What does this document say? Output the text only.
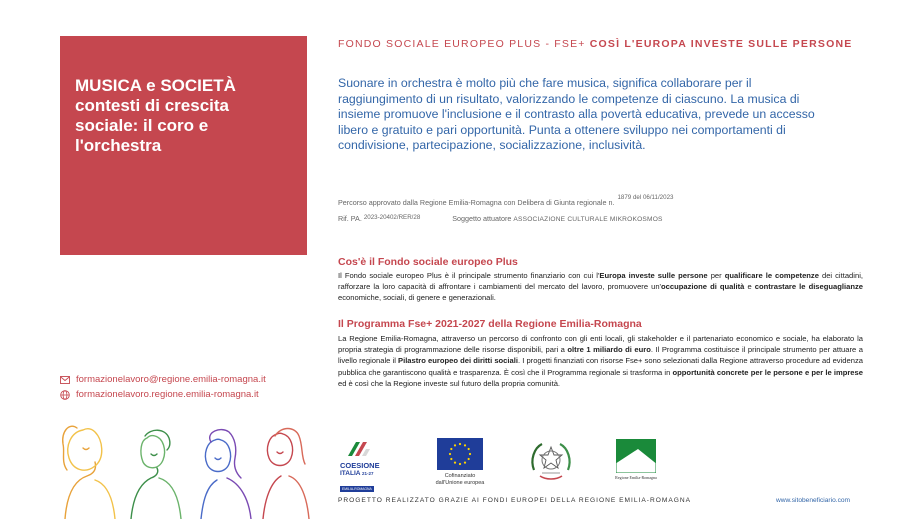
MUSICA e SOCIETÀ
contesti di crescita
sociale: il coro e
l'orchestra
FONDO SOCIALE EUROPEO PLUS - FSE+ COSÌ L'EUROPA INVESTE SULLE PERSONE
Suonare in orchestra è molto più che fare musica, significa collaborare per il raggiungimento di un risultato, valorizzando le competenze di ciascuno. La musica di insieme promuove l'inclusione e il contrasto alla povertà educativa, prevede un accesso libero e gratuito e pari opportunità. Punta a ottenere sviluppo nei comportamenti di condivisione, partecipazione, socializzazione, inclusività.
Percorso approvato dalla Regione Emilia-Romagna con Delibera di Giunta regionale n.1879 del 06/11/2023
Rif. PA. 2023-20402/RER/28	Soggetto attuatore ASSOCIAZIONE CULTURALE MIKROKOSMOS
Cos'è il Fondo sociale europeo Plus
Il Fondo sociale europeo Plus è il principale strumento finanziario con cui l'Europa investe sulle persone per qualificare le competenze dei cittadini, rafforzare la loro capacità di affrontare i cambiamenti del mercato del lavoro, promuovere un'occupazione di qualità e contrastare le diseguaglianze economiche, sociali, di genere e generazionali.
Il Programma Fse+ 2021-2027 della Regione Emilia-Romagna
La Regione Emilia-Romagna, attraverso un percorso di confronto con gli enti locali, gli stakeholder e il partenariato economico e sociale, ha elaborato la propria strategia di programmazione delle risorse disponibili, pari a oltre 1 miliardo di euro. Il Programma costituisce il principale strumento per attuare a livello regionale il Pilastro europeo dei diritti sociali. I progetti finanziati con risorse Fse+ sono selezionati dalla Regione attraverso procedure ad evidenza pubblica che garantiscono qualità e trasparenza. È così che il Programma regionale si trasforma in opportunità concrete per le persone e per le imprese ed è così che la Regione investe sul futuro della propria comunità.
formazionelavoro@regione.emilia-romagna.it
formazionelavoro.regione.emilia-romagna.it
COESIONE
ITALIA 21-27
EMILIA-ROMAGNA
Cofinanziato
dall'Unione europea
Regione Emilia-Romagna
PROGETTO REALIZZATO GRAZIE AI FONDI EUROPEI DELLA REGIONE EMILIA-ROMAGNA	www.sitobeneficiario.com
